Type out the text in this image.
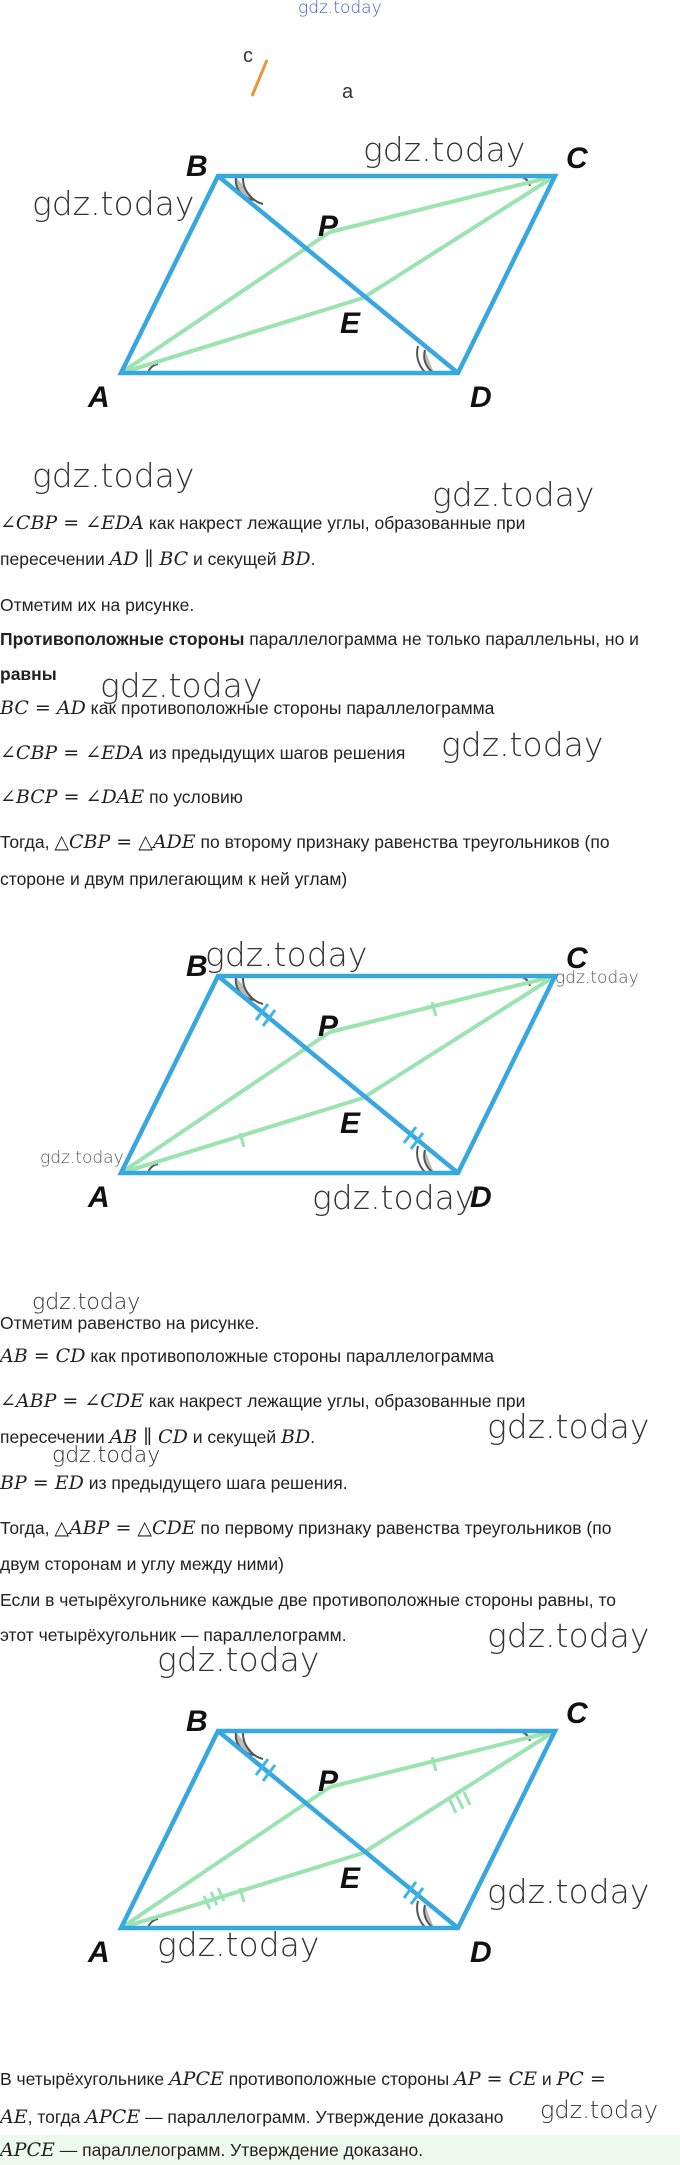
gdz.today
c
a
B	C
A	D
P
E
gdz.today
gdz.today
gdz.today	gdz.today
∠CBP = ∠EDA как накрест лежащие углы, образованные при
пересечении AD ∥ BC и секущей BD.
Отметим их на рисунке.
Противоположные стороны параллелограмма не только параллельны, но и
равны gdz.today
BC = AD как противоположные стороны параллелограмма
∠CBP = ∠EDA из предыдущих шагов решения gdz.today
∠BCP = ∠DAE по условию
Тогда, △CBP = △ADE по второму признаку равенства треугольников (по
стороне и двум прилегающим к ней углам)
B	C
A	D
P
E
gdz.today
gdz.today
gdz.today
gdz.today
gdz.today
Отметим равенство на рисунке.
AB = CD как противоположные стороны параллелограмма
∠ABP = ∠CDE как накрест лежащие углы, образованные при
пересечении AB ∥ CD и секущей BD.	gdz.today
gdz.today
BP = ED из предыдущего шага решения.
Тогда, △ABP = △CDE по первому признаку равенства треугольников (по
двум сторонам и углу между ними)
Если в четырёхугольнике каждые две противоположные стороны равны, то
этот четырёхугольник — параллелограмм.	gdz.today
gdz.today
B	C
A	D
P
E	gdz.today
gdz.today
В четырёхугольнике APCE противоположные стороны AP = CE и PC =
AE, тогда APCE — параллелограмм. Утверждение доказано gdz.today
APCE — параллелограмм. Утверждение доказано.
